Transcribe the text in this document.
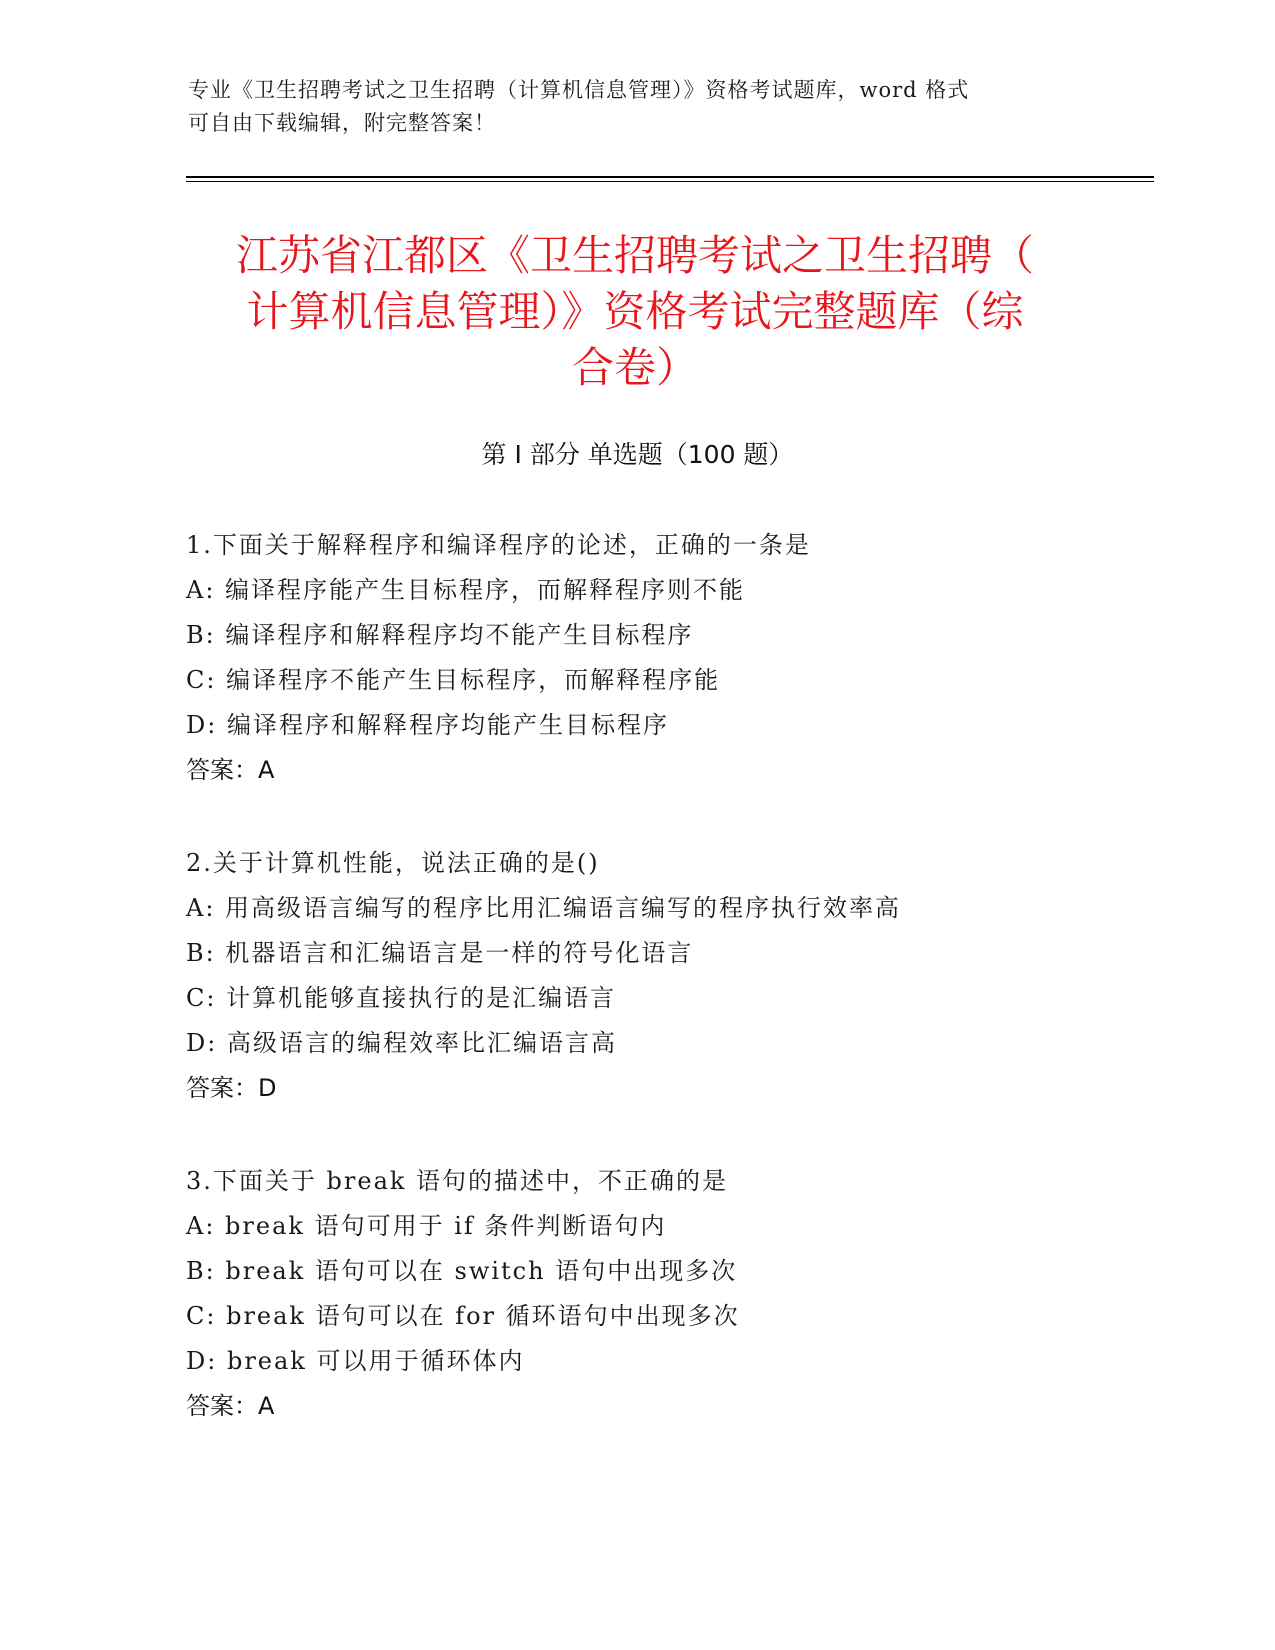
专业《卫生招聘考试之卫生招聘（计算机信息管理）》资格考试题库，word 格式
可自由下载编辑，附完整答案！
江苏省江都区《卫生招聘考试之卫生招聘（
计算机信息管理）》资格考试完整题库（综
合卷）
第 I 部分 单选题（100 题）
1.下面关于解释程序和编译程序的论述，正确的一条是
A: 编译程序能产生目标程序，而解释程序则不能
B: 编译程序和解释程序均不能产生目标程序
C: 编译程序不能产生目标程序，而解释程序能
D: 编译程序和解释程序均能产生目标程序
答案：A
2.关于计算机性能，说法正确的是()
A: 用高级语言编写的程序比用汇编语言编写的程序执行效率高
B: 机器语言和汇编语言是一样的符号化语言
C: 计算机能够直接执行的是汇编语言
D: 高级语言的编程效率比汇编语言高
答案：D
3.下面关于 break 语句的描述中，不正确的是
A: break 语句可用于 if 条件判断语句内
B: break 语句可以在 switch 语句中出现多次
C: break 语句可以在 for 循环语句中出现多次
D: break 可以用于循环体内
答案：A
